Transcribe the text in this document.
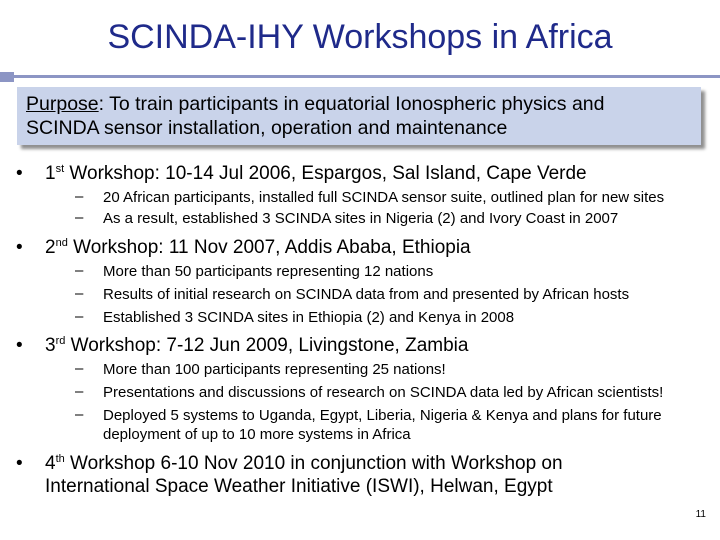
SCINDA-IHY Workshops in Africa
Purpose: To train participants in equatorial Ionospheric physics and
SCINDA sensor installation, operation and maintenance
• 1st Workshop: 10-14 Jul 2006, Espargos, Sal Island, Cape Verde
– 20 African participants, installed full SCINDA sensor suite, outlined plan for new sites
– As a result, established 3 SCINDA sites in Nigeria (2) and Ivory Coast in 2007
• 2nd Workshop: 11 Nov 2007, Addis Ababa, Ethiopia
– More than 50 participants representing 12 nations
– Results of initial research on SCINDA data from and presented by African hosts
– Established 3 SCINDA sites in Ethiopia (2) and Kenya in 2008
• 3rd Workshop: 7-12 Jun 2009, Livingstone, Zambia
– More than 100 participants representing 25 nations!
– Presentations and discussions of research on SCINDA data led by African scientists!
– Deployed 5 systems to Uganda, Egypt, Liberia, Nigeria & Kenya and plans for future
deployment of up to 10 more systems in Africa
• 4th Workshop 6-10 Nov 2010 in conjunction with Workshop on
International Space Weather Initiative (ISWI), Helwan, Egypt
11
